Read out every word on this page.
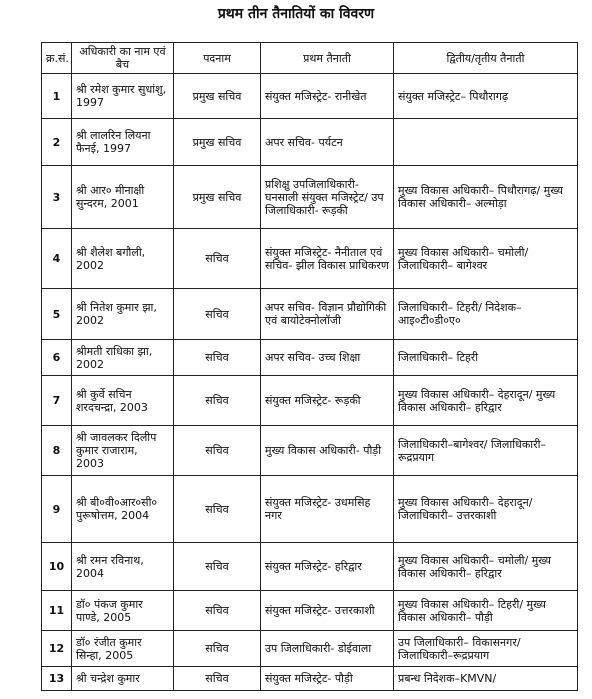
प्रथम तीन तैनातियों का विवरण
क्र.सं.	अधिकारी का नाम एवं बैच	पदनाम	प्रथम तैनाती	द्वितीय/तृतीय तैनाती
1	श्री रमेश कुमार सुधांशु, 1997	प्रमुख सचिव	संयुक्त मजिस्ट्रेट- रानीखेत	संयुक्त मजिस्ट्रेट– पिथौरागढ़
2	श्री लालरिन लियना फैनई, 1997	प्रमुख सचिव	अपर सचिव- पर्यटन	
3	श्री आर० मीनाक्षी सुन्दरम, 2001	प्रमुख सचिव	प्रशिक्षु उपजिलाधिकारी- घनसाली संयुक्त मजिस्ट्रेट/ उप जिलाधिकारी- रूड़की	मुख्य विकास अधिकारी– पिथौरागढ़/ मुख्य विकास अधिकारी– अल्मोड़ा
4	श्री शैलेश बगौली, 2002	सचिव	संयुक्त मजिस्ट्रेट- नैनीताल एवं सचिव- झील विकास प्राधिकरण	मुख्य विकास अधिकारी– चमोली/ जिलाधिकारी– बागेश्वर
5	श्री नितेश कुमार झा, 2002	सचिव	अपर सचिव- विज्ञान प्रौद्योगिकी एवं बायोटेक्नोलॉजी	जिलाधिकारी– टिहरी/ निदेशक– आइ०टी०डी०ए०
6	श्रीमती राधिका झा, 2002	सचिव	अपर सचिव- उच्च शिक्षा	जिलाधिकारी– टिहरी
7	श्री कुर्वे सचिन शरदचन्द्रा, 2003	सचिव	संयुक्त मजिस्ट्रेट- रूड़की	मुख्य विकास अधिकारी– देहरादून/ मुख्य विकास अधिकारी– हरिद्वार
8	श्री जावलकर दिलीप कुमार राजाराम, 2003	सचिव	मुख्य विकास अधिकारी- पौड़ी	जिलाधिकारी–बागेश्वर/ जिलाधिकारी–रूद्रप्रयाग
9	श्री बी०वी०आर०सी० पुरूषोत्तम, 2004	सचिव	संयुक्त मजिस्ट्रेट- उधमसिह नगर	मुख्य विकास अधिकारी– देहरादून/ जिलाधिकारी– उत्तरकाशी
10	श्री रमन रविनाथ, 2004	सचिव	संयुक्त मजिस्ट्रेट- हरिद्वार	मुख्य विकास अधिकारी– चमोली/ मुख्य विकास अधिकारी– हरिद्वार
11	डॉ० पंकज कुमार पाण्डे, 2005	सचिव	संयुक्त मजिस्ट्रेट- उत्तरकाशी	मुख्य विकास अधिकारी– टिहरी/ मुख्य विकास अधिकारी– पौड़ी
12	डॉ० रंजीत कुमार सिन्हा, 2005	सचिव	उप जिलाधिकारी- डोईवाला	उप जिलाधिकारी– विकासनगर/ जिलाधिकारी–रूद्रप्रयाग
13	श्री चन्द्रेश कुमार	सचिव	संयुक्त मजिस्ट्रेट- पौड़ी	प्रबन्ध निदेशक–KMVN/
